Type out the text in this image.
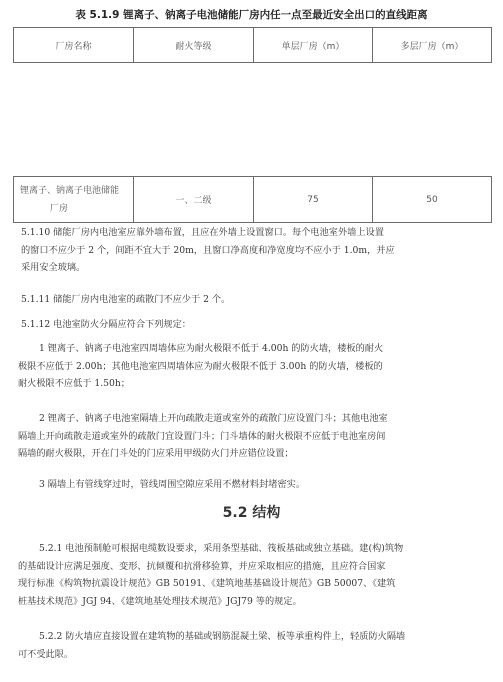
表 5.1.9 锂离子、钠离子电池储能厂房内任一点至最近安全出口的直线距离
厂房名称	耐火等级	单层厂房（m）	多层厂房（m）

锂离子、钠离子电池储能
厂房	一、二级	75	50
5.1.10 储能厂房内电池室应靠外墙布置，且应在外墙上设置窗口。每个电池室外墙上设置
的窗口不应少于 2 个，间距不宜大于 20m，且窗口净高度和净宽度均不应小于 1.0m，并应
采用安全玻璃。
5.1.11 储能厂房内电池室的疏散门不应少于 2 个。
5.1.12 电池室防火分隔应符合下列规定：
1 锂离子、钠离子电池室四周墙体应为耐火极限不低于 4.00h 的防火墙，楼板的耐火
极限不应低于 2.00h；其他电池室四周墙体应为耐火极限不低于 3.00h 的防火墙，楼板的
耐火极限不应低于 1.50h；
2 锂离子、钠离子电池室隔墙上开向疏散走道或室外的疏散门应设置门斗；其他电池室
隔墙上开向疏散走道或室外的疏散门宜设置门斗；门斗墙体的耐火极限不应低于电池室房间
隔墙的耐火极限，开在门斗处的门应采用甲级防火门并应错位设置；
3 隔墙上有管线穿过时，管线周围空隙应采用不燃材料封堵密实。
5.2 结构
5.2.1 电池预制舱可根据电缆数设要求，采用条型基础、筏板基础或独立基础。建(构)筑物
的基础设计应满足强度、变形、抗倾覆和抗滑移验算，并应采取相应的措施，且应符合国家
现行标准《构筑物抗震设计规范》GB 50191、《建筑地基基础设计规范》GB 50007、《建筑
桩基技术规范》JGJ 94、《建筑地基处理技术规范》JGJ79 等的规定。
5.2.2 防火墙应直接设置在建筑物的基础或钢筋混凝土梁、板等承重构件上，轻质防火隔墙
可不受此限。
